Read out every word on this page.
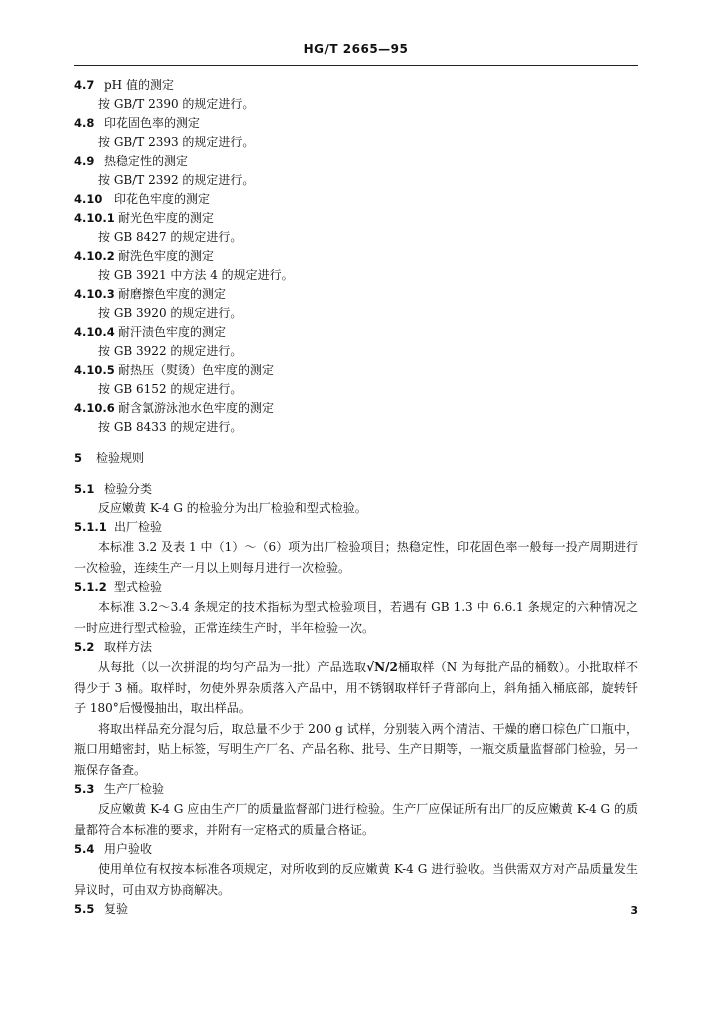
HG/T 2665—95
4.7 pH 值的测定
按 GB/T 2390 的规定进行。
4.8 印花固色率的测定
按 GB/T 2393 的规定进行。
4.9 热稳定性的测定
按 GB/T 2392 的规定进行。
4.10 印花色牢度的测定
4.10.1 耐光色牢度的测定
按 GB 8427 的规定进行。
4.10.2 耐洗色牢度的测定
按 GB 3921 中方法 4 的规定进行。
4.10.3 耐磨擦色牢度的测定
按 GB 3920 的规定进行。
4.10.4 耐汗渍色牢度的测定
按 GB 3922 的规定进行。
4.10.5 耐热压（熨烫）色牢度的测定
按 GB 6152 的规定进行。
4.10.6 耐含氯游泳池水色牢度的测定
按 GB 8433 的规定进行。
5 检验规则
5.1 检验分类
反应嫩黄 K-4 G 的检验分为出厂检验和型式检验。
5.1.1 出厂检验

本标准 3.2 及表 1 中（1）～（6）项为出厂检验项目；热稳定性，印花固色率一般每一投产周期进行一次检验，连续生产一月以上则每月进行一次检验。

5.1.2 型式检验

本标准 3.2～3.4 条规定的技术指标为型式检验项目，若遇有 GB 1.3 中 6.6.1 条规定的六种情况之一时应进行型式检验，正常连续生产时，半年检验一次。

5.2 取样方法

从每批（以一次拼混的均匀产品为一批）产品选取√N/2桶取样（N 为每批产品的桶数）。小批取样不得少于 3 桶。取样时，勿使外界杂质落入产品中，用不锈钢取样钎子背部向上，斜角插入桶底部，旋转钎子 180°后慢慢抽出，取出样品。

将取出样品充分混匀后，取总量不少于 200 g 试样，分别装入两个清洁、干燥的磨口棕色广口瓶中，瓶口用蜡密封，贴上标签，写明生产厂名、产品名称、批号、生产日期等，一瓶交质量监督部门检验，另一瓶保存备查。

5.3 生产厂检验

反应嫩黄 K-4 G 应由生产厂的质量监督部门进行检验。生产厂应保证所有出厂的反应嫩黄 K-4 G 的质量都符合本标准的要求，并附有一定格式的质量合格证。

5.4 用户验收

使用单位有权按本标准各项规定，对所收到的反应嫩黄 K-4 G 进行验收。当供需双方对产品质量发生异议时，可由双方协商解决。

5.5 复验	3
